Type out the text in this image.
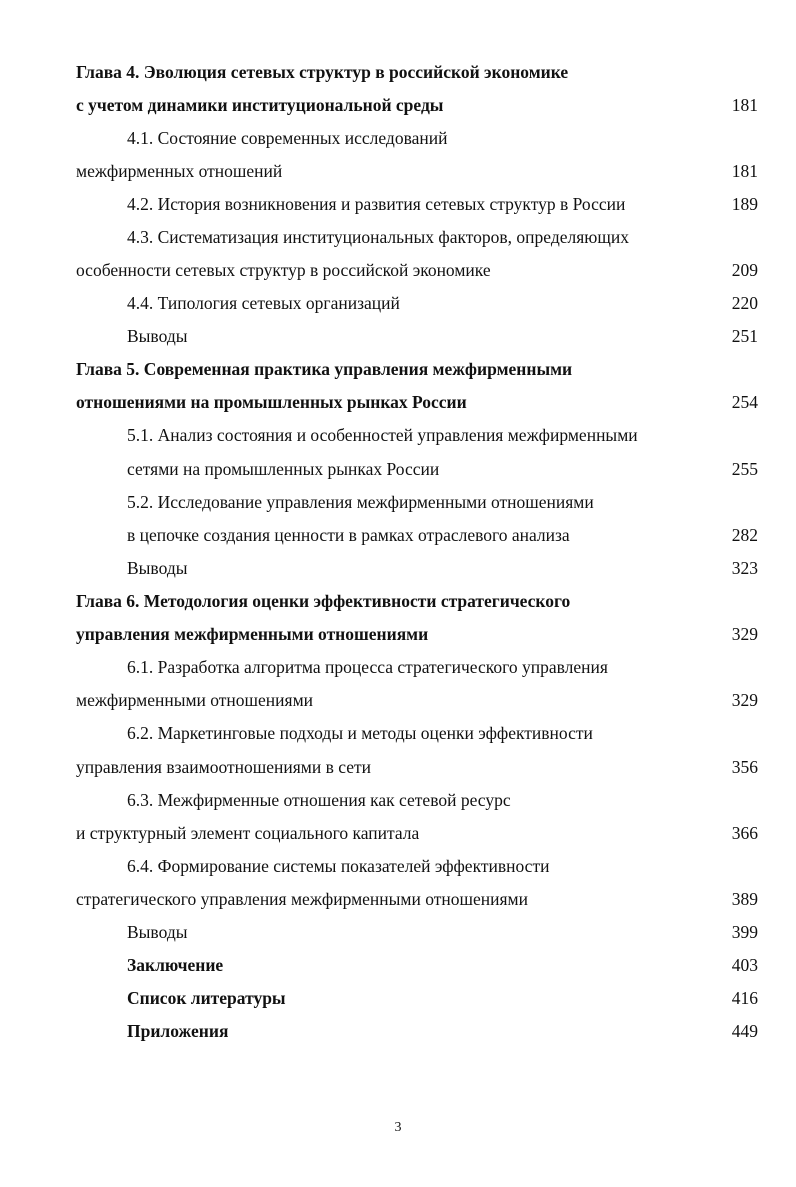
Глава 4. Эволюция сетевых структур в российской экономике
с учетом динамики институциональной среды	181
4.1. Состояние современных исследований
межфирменных отношений	181
4.2. История возникновения и развития сетевых структур в России	189
4.3. Систематизация институциональных факторов, определяющих
особенности сетевых структур в российской экономике	209
4.4. Типология сетевых организаций	220
Выводы	251
Глава 5. Современная практика управления межфирменными
отношениями на промышленных рынках России	254
5.1. Анализ состояния и особенностей управления межфирменными
сетями на промышленных рынках России	255
5.2. Исследование управления межфирменными отношениями
в цепочке создания ценности в рамках отраслевого анализа	282
Выводы	323
Глава 6. Методология оценки эффективности стратегического
управления межфирменными отношениями	329
6.1. Разработка алгоритма процесса стратегического управления
межфирменными отношениями	329
6.2. Маркетинговые подходы и методы оценки эффективности
управления взаимоотношениями в сети	356
6.3. Межфирменные отношения как сетевой ресурс
и структурный элемент социального капитала	366
6.4. Формирование системы показателей эффективности
стратегического управления межфирменными отношениями	389
Выводы	399
Заключение	403
Список литературы	416
Приложения	449
3
